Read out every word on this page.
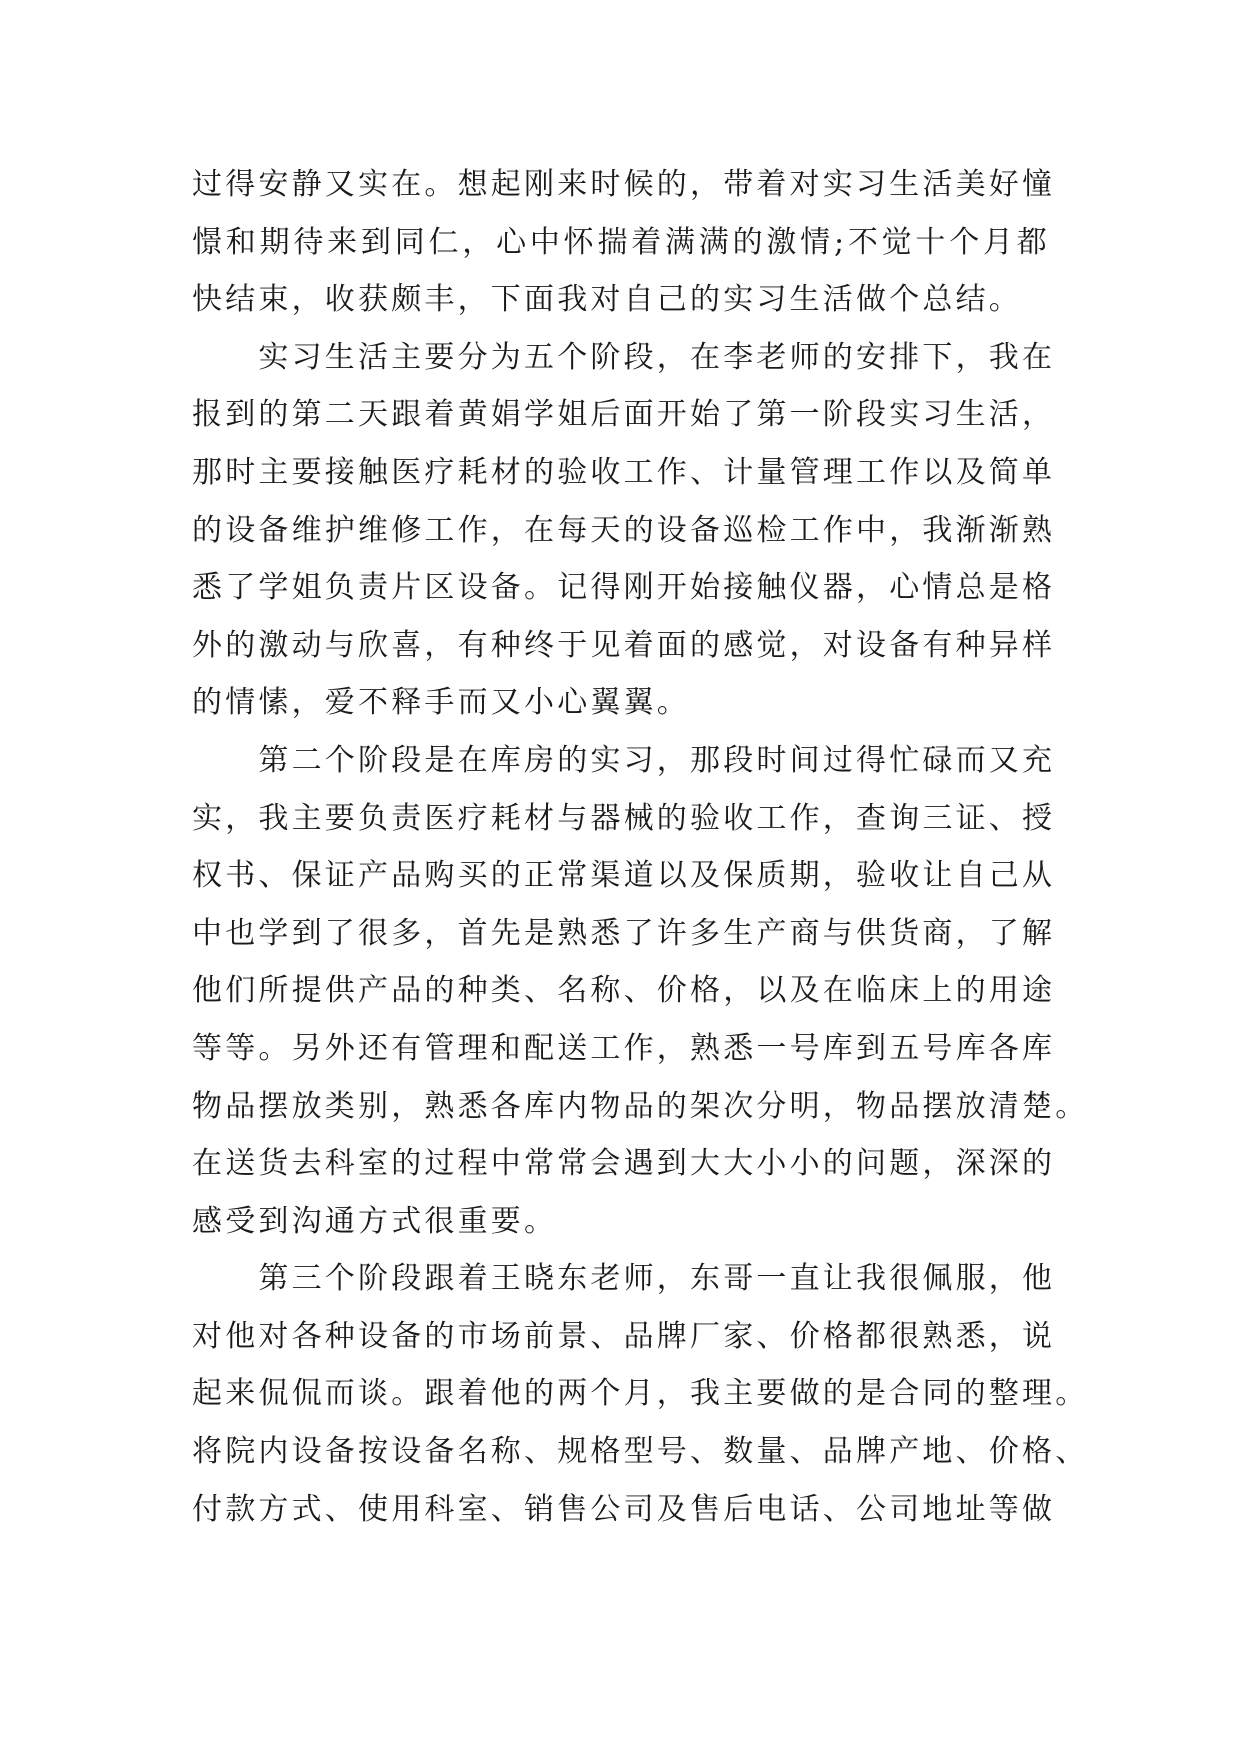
过得安静又实在。想起刚来时候的，带着对实习生活美好憧
憬和期待来到同仁，心中怀揣着满满的激情;不觉十个月都
快结束，收获颇丰，下面我对自己的实习生活做个总结。
　　实习生活主要分为五个阶段，在李老师的安排下，我在
报到的第二天跟着黄娟学姐后面开始了第一阶段实习生活，
那时主要接触医疗耗材的验收工作、计量管理工作以及简单
的设备维护维修工作，在每天的设备巡检工作中，我渐渐熟
悉了学姐负责片区设备。记得刚开始接触仪器，心情总是格
外的激动与欣喜，有种终于见着面的感觉，对设备有种异样
的情愫，爱不释手而又小心翼翼。
　　第二个阶段是在库房的实习，那段时间过得忙碌而又充
实，我主要负责医疗耗材与器械的验收工作，查询三证、授
权书、保证产品购买的正常渠道以及保质期，验收让自己从
中也学到了很多，首先是熟悉了许多生产商与供货商，了解
他们所提供产品的种类、名称、价格，以及在临床上的用途
等等。另外还有管理和配送工作，熟悉一号库到五号库各库
物品摆放类别，熟悉各库内物品的架次分明，物品摆放清楚。
在送货去科室的过程中常常会遇到大大小小的问题，深深的
感受到沟通方式很重要。
　　第三个阶段跟着王晓东老师，东哥一直让我很佩服，他
对他对各种设备的市场前景、品牌厂家、价格都很熟悉，说
起来侃侃而谈。跟着他的两个月，我主要做的是合同的整理。
将院内设备按设备名称、规格型号、数量、品牌产地、价格、
付款方式、使用科室、销售公司及售后电话、公司地址等做
